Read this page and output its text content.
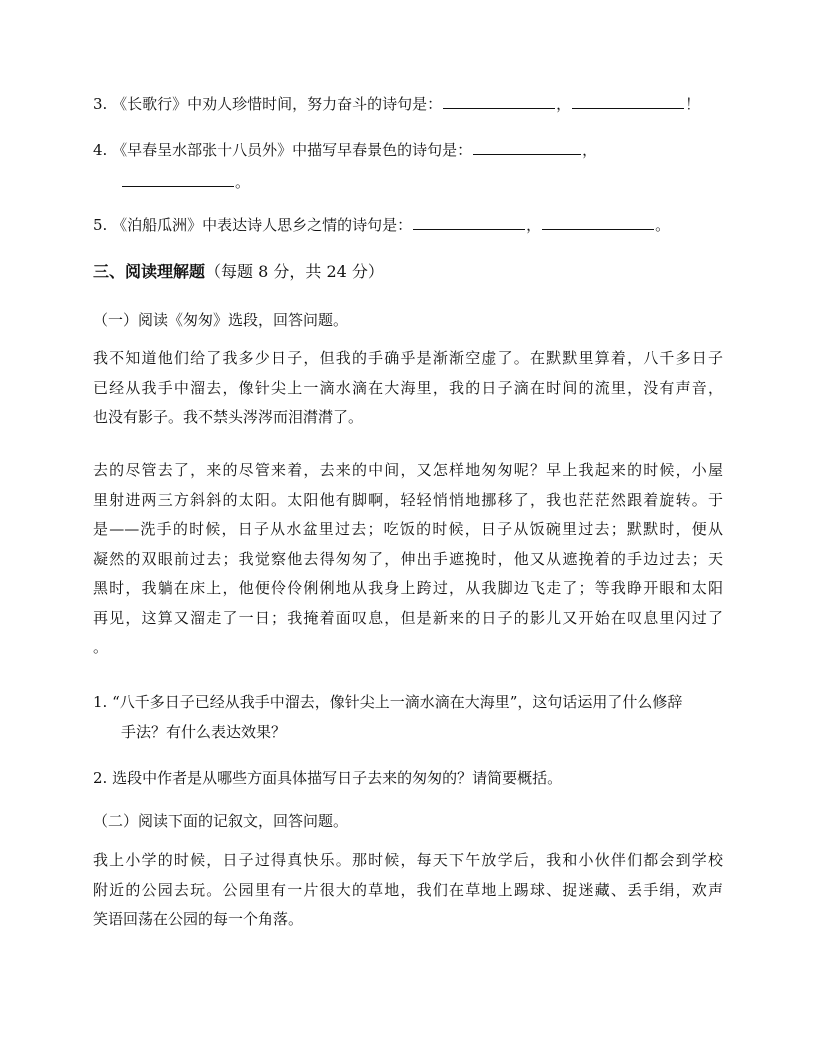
3. 《长歌行》中劝人珍惜时间，努力奋斗的诗句是：	，	！
4. 《早春呈水部张十八员外》中描写早春景色的诗句是：	，
。
5. 《泊船瓜洲》中表达诗人思乡之情的诗句是：	，	。
三、阅读理解题（每题 8 分，共 24 分）
（一）阅读《匆匆》选段，回答问题。
我不知道他们给了我多少日子，但我的手确乎是渐渐空虚了。在默默里算着，八千多日子
已经从我手中溜去，像针尖上一滴水滴在大海里，我的日子滴在时间的流里，没有声音，
也没有影子。我不禁头涔涔而泪潸潸了。
去的尽管去了，来的尽管来着，去来的中间，又怎样地匆匆呢？早上我起来的时候，小屋
里射进两三方斜斜的太阳。太阳他有脚啊，轻轻悄悄地挪移了，我也茫茫然跟着旋转。于
是——洗手的时候，日子从水盆里过去；吃饭的时候，日子从饭碗里过去；默默时，便从
凝然的双眼前过去；我觉察他去得匆匆了，伸出手遮挽时，他又从遮挽着的手边过去；天
黑时，我躺在床上，他便伶伶俐俐地从我身上跨过，从我脚边飞走了；等我睁开眼和太阳
再见，这算又溜走了一日；我掩着面叹息，但是新来的日子的影儿又开始在叹息里闪过了
。
1. “八千多日子已经从我手中溜去，像针尖上一滴水滴在大海里”，这句话运用了什么修辞
手法？有什么表达效果？
2. 选段中作者是从哪些方面具体描写日子去来的匆匆的？请简要概括。
（二）阅读下面的记叙文，回答问题。
我上小学的时候，日子过得真快乐。那时候，每天下午放学后，我和小伙伴们都会到学校
附近的公园去玩。公园里有一片很大的草地，我们在草地上踢球、捉迷藏、丢手绢，欢声
笑语回荡在公园的每一个角落。
